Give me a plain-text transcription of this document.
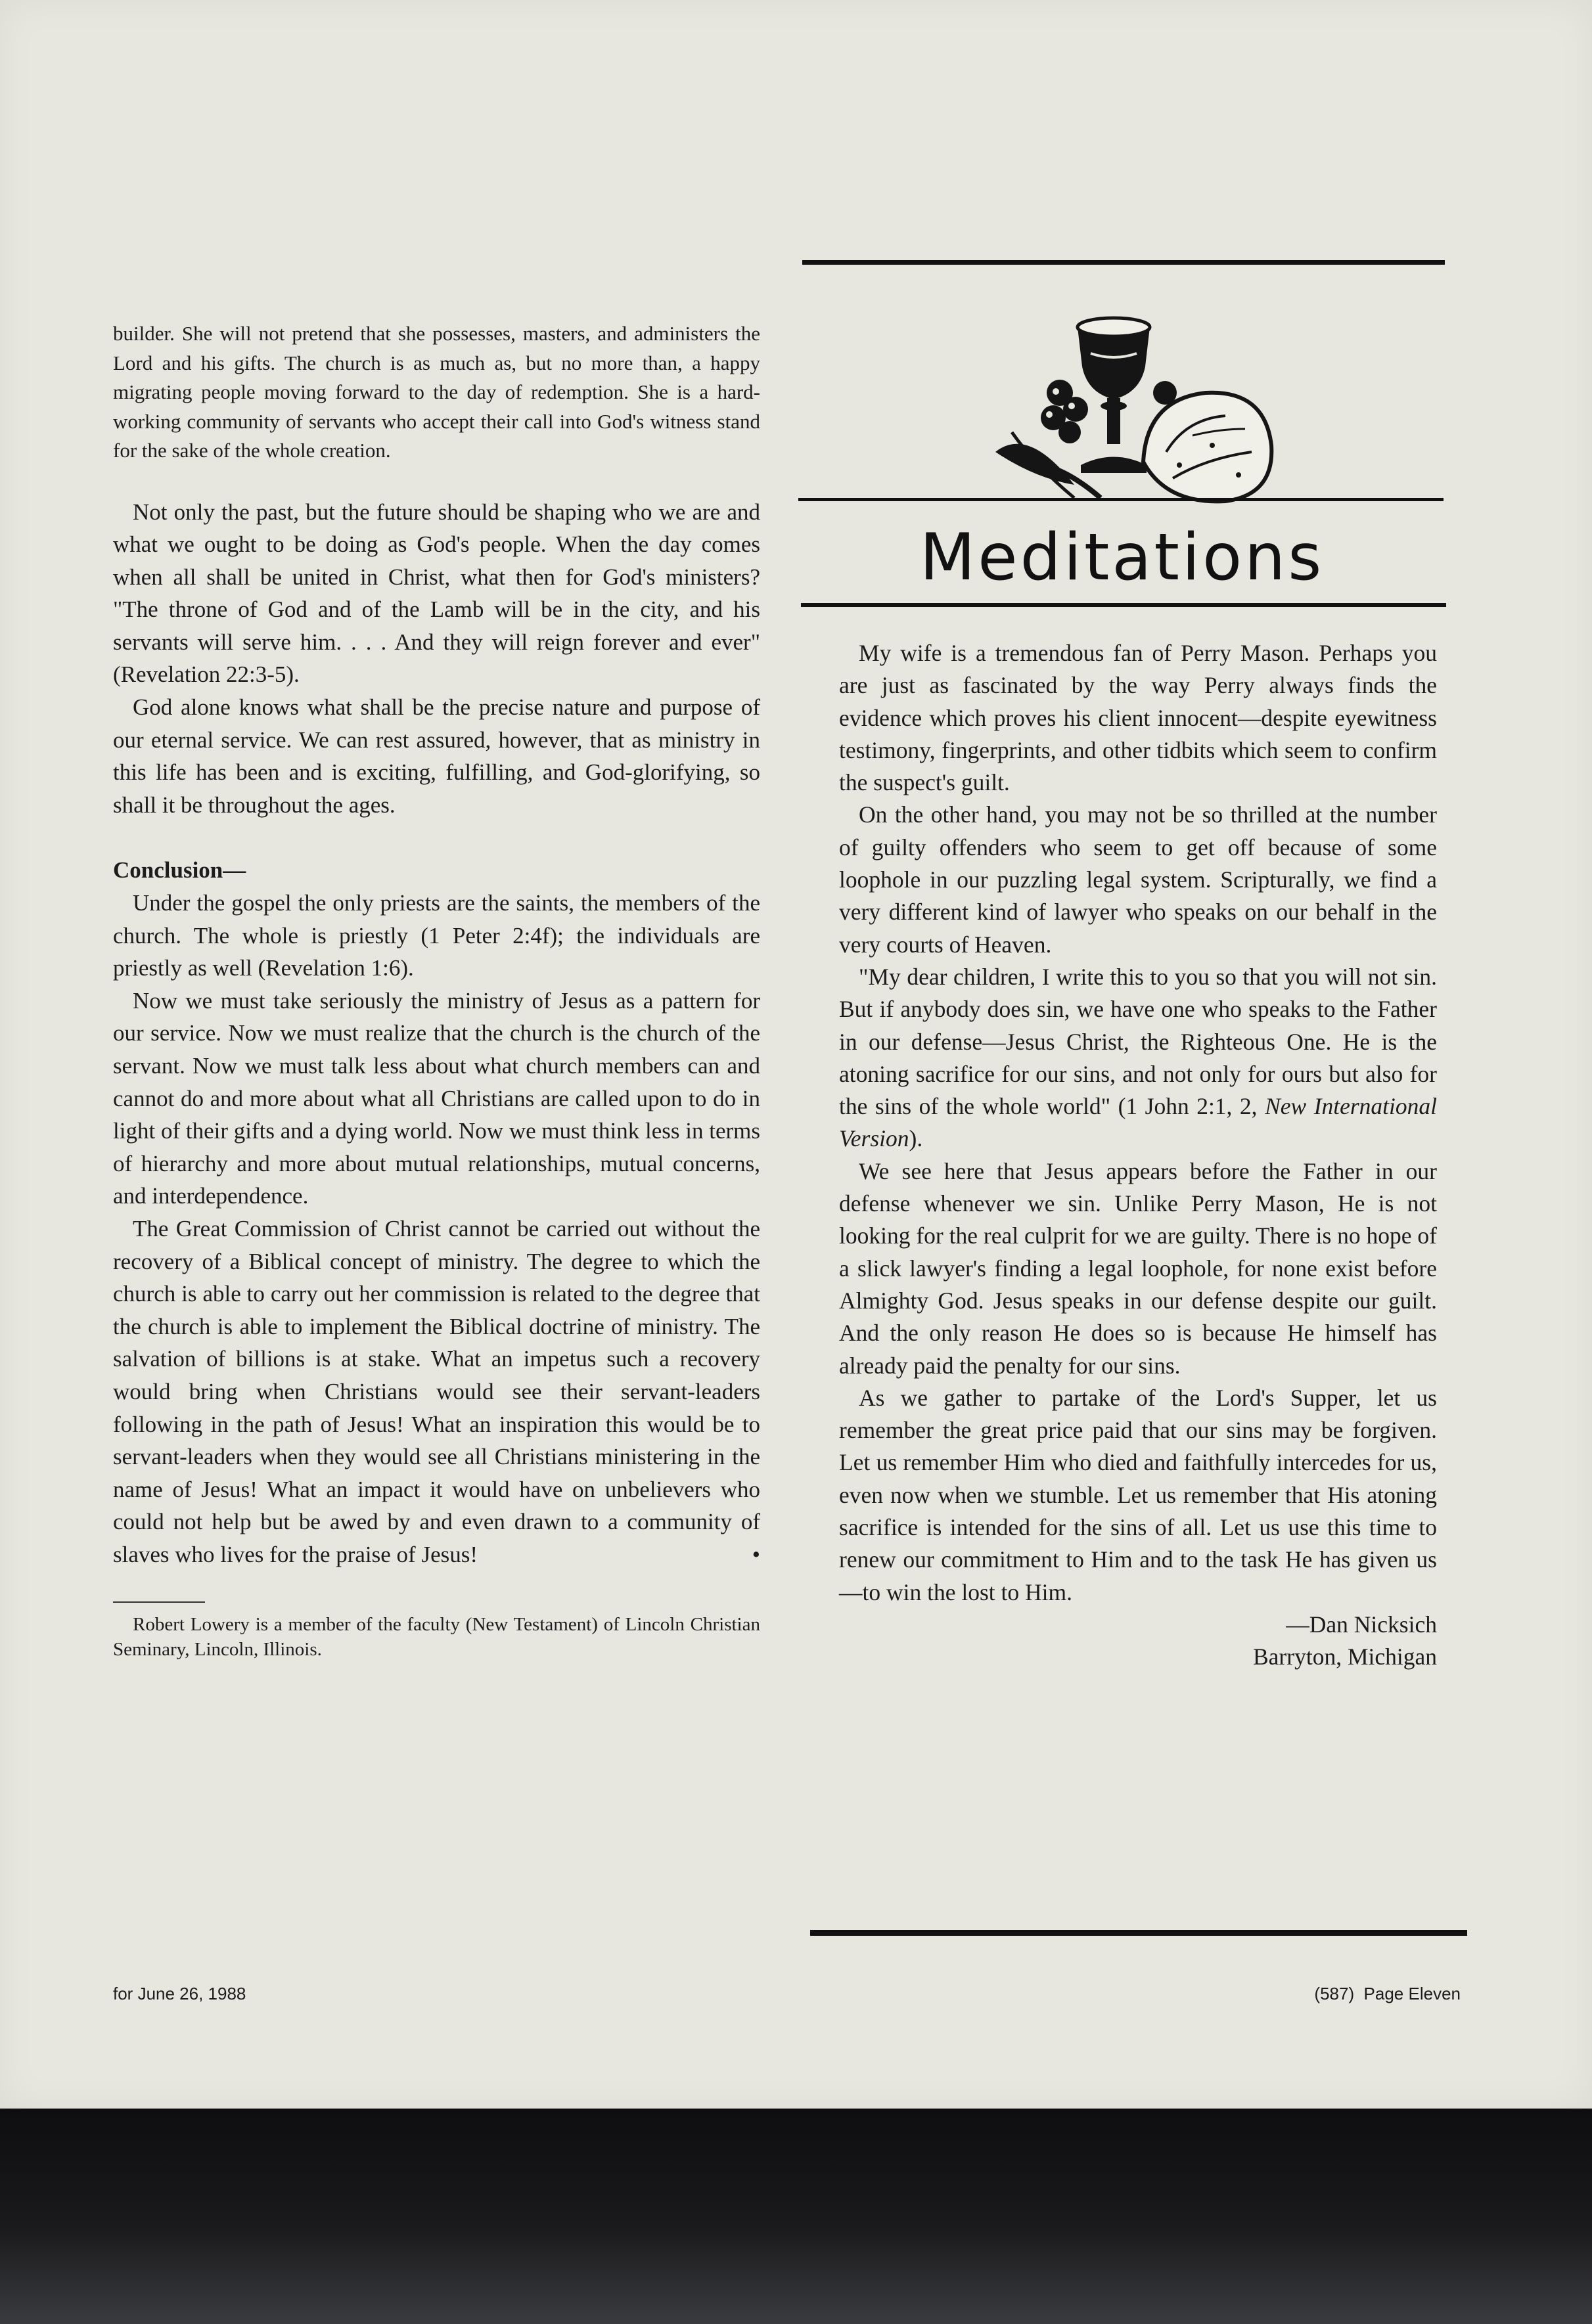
builder. She will not pretend that she possesses, masters, and administers the Lord and his gifts. The church is as much as, but no more than, a happy migrating people moving forward to the day of redemption. She is a hard-working community of servants who accept their call into God's witness stand for the sake of the whole creation.

Not only the past, but the future should be shaping who we are and what we ought to be doing as God's people. When the day comes when all shall be united in Christ, what then for God's ministers? "The throne of God and of the Lamb will be in the city, and his servants will serve him. . . . And they will reign forever and ever" (Revelation 22:3-5).

God alone knows what shall be the precise nature and purpose of our eternal service. We can rest assured, however, that as ministry in this life has been and is exciting, fulfilling, and God-glorifying, so shall it be throughout the ages.

Conclusion—

Under the gospel the only priests are the saints, the members of the church. The whole is priestly (1 Peter 2:4f); the individuals are priestly as well (Revelation 1:6).

Now we must take seriously the ministry of Jesus as a pattern for our service. Now we must realize that the church is the church of the servant. Now we must talk less about what church members can and cannot do and more about what all Christians are called upon to do in light of their gifts and a dying world. Now we must think less in terms of hierarchy and more about mutual relationships, mutual concerns, and interdependence.

The Great Commission of Christ cannot be carried out without the recovery of a Biblical concept of ministry. The degree to which the church is able to carry out her commission is related to the degree that the church is able to implement the Biblical doctrine of ministry. The salvation of billions is at stake. What an impetus such a recovery would bring when Christians would see their servant-leaders following in the path of Jesus! What an inspiration this would be to servant-leaders when they would see all Christians ministering in the name of Jesus! What an impact it would have on unbelievers who could not help but be awed by and even drawn to a community of slaves who lives for the praise of Jesus!	•

Robert Lowery is a member of the faculty (New Testament) of Lincoln Christian Seminary, Lincoln, Illinois.

Meditations

My wife is a tremendous fan of Perry Mason. Perhaps you are just as fascinated by the way Perry always finds the evidence which proves his client innocent—despite eyewitness testimony, fingerprints, and other tidbits which seem to confirm the suspect's guilt.

On the other hand, you may not be so thrilled at the number of guilty offenders who seem to get off because of some loophole in our puzzling legal system. Scripturally, we find a very different kind of lawyer who speaks on our behalf in the very courts of Heaven.

"My dear children, I write this to you so that you will not sin. But if anybody does sin, we have one who speaks to the Father in our defense—Jesus Christ, the Righteous One. He is the atoning sacrifice for our sins, and not only for ours but also for the sins of the whole world" (1 John 2:1, 2, New International Version).

We see here that Jesus appears before the Father in our defense whenever we sin. Unlike Perry Mason, He is not looking for the real culprit for we are guilty. There is no hope of a slick lawyer's finding a legal loophole, for none exist before Almighty God. Jesus speaks in our defense despite our guilt. And the only reason He does so is because He himself has already paid the penalty for our sins.

As we gather to partake of the Lord's Supper, let us remember the great price paid that our sins may be forgiven. Let us remember Him who died and faithfully intercedes for us, even now when we stumble. Let us remember that His atoning sacrifice is intended for the sins of all. Let us use this time to renew our commitment to Him and to the task He has given us—to win the lost to Him.

—Dan Nicksich
Barryton, Michigan
for June 26, 1988	(587)  Page Eleven
